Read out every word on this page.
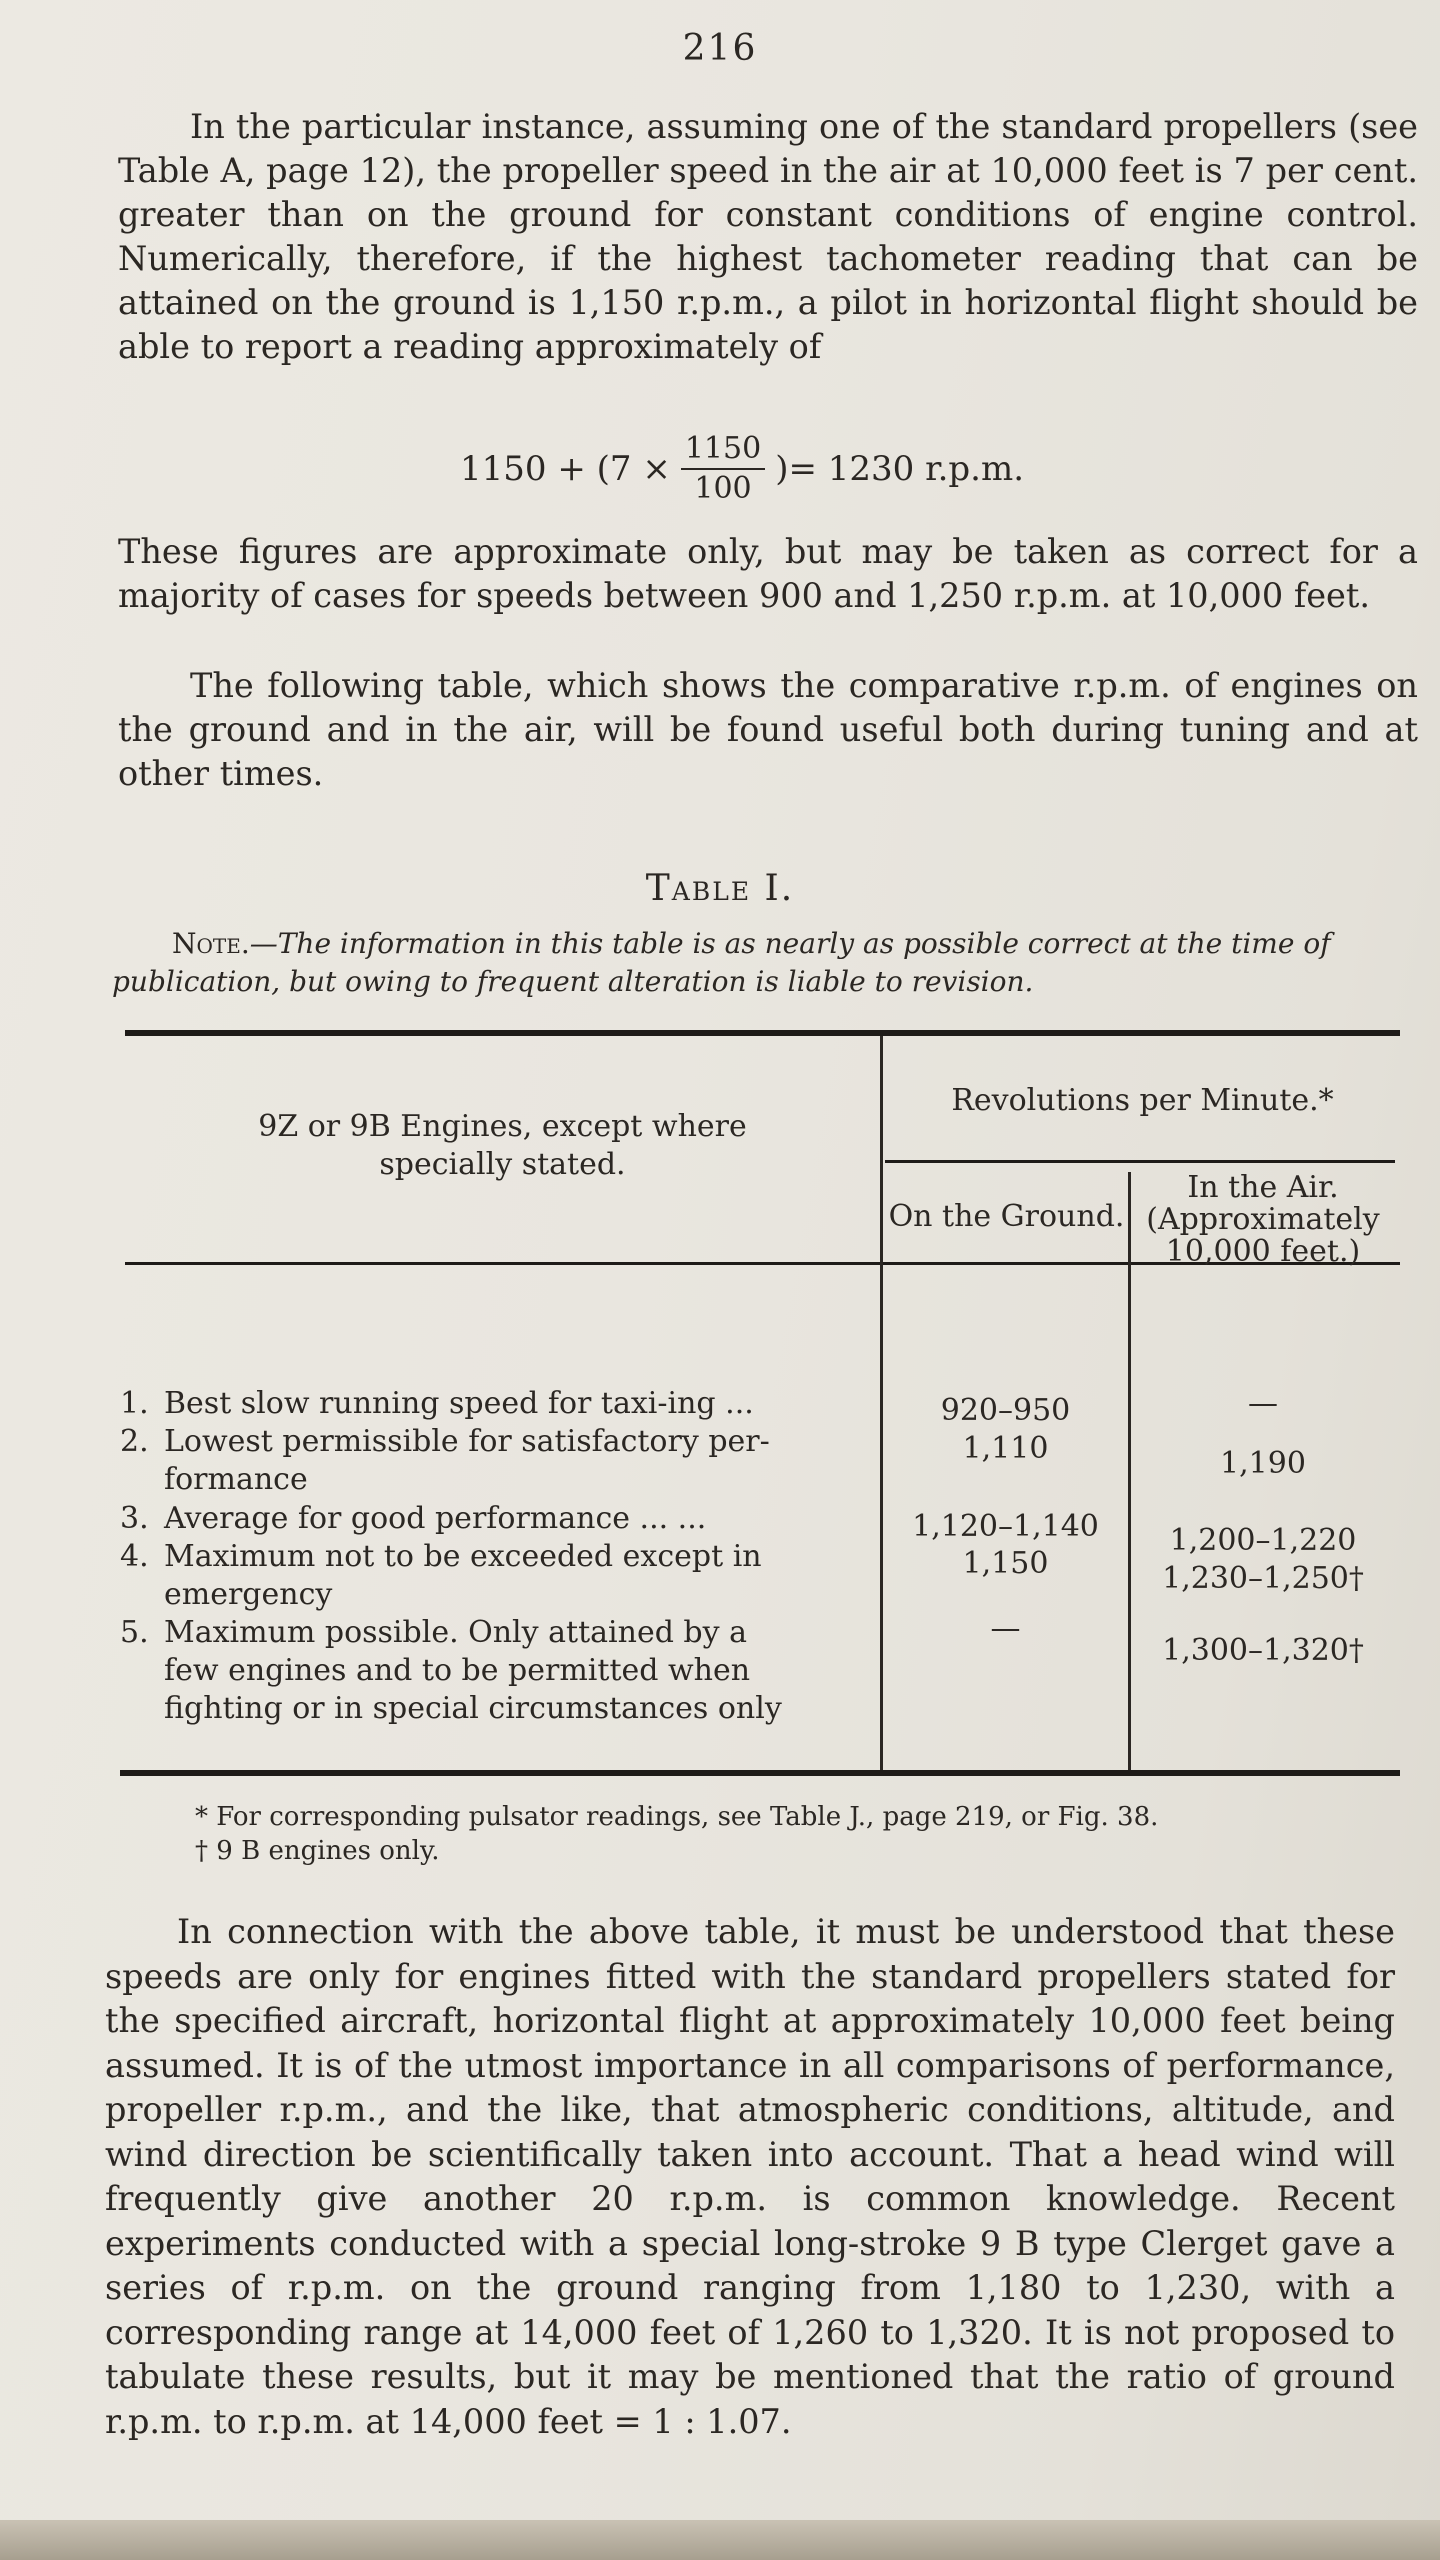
216

In the particular instance, assuming one of the standard propellers (see Table A, page 12), the propeller speed in the air at 10,000 feet is 7 per cent. greater than on the ground for constant conditions of engine control. Numerically, therefore, if the highest tachometer reading that can be attained on the ground is 1,150 r.p.m., a pilot in horizontal flight should be able to report a reading approximately of

$1150 + (7 \times \frac{1150}{100}$ )= 1230 r.p.m.

These figures are approximate only, but may be taken as correct for a majority of cases for speeds between 900 and 1,250 r.p.m. at 10,000 feet.

The following table, which shows the comparative r.p.m. of engines on the ground and in the air, will be found useful both during tuning and at other times.

Table I.
Note.—The information in this table is as nearly as possible correct at the time of publication, but owing to frequent alteration is liable to revision.
9Z or 9B Engines, except where
specially stated.
Revolutions per Minute.*
On the Ground.
In the Air.
(Approximately
10,000 feet.)
1. Best slow running speed for taxi-ing ...
2. Lowest permissible for satisfactory per-
formance
3. Average for good performance ... ...
4. Maximum not to be exceeded except in
emergency
5. Maximum possible. Only attained by a
few engines and to be permitted when
fighting or in special circumstances only
920–950
1,110
1,120–1,140
1,150
—
—
1,190
1,200–1,220
1,230–1,250†
1,300–1,320†
* For corresponding pulsator readings, see Table J., page 219, or Fig. 38.
† 9 B engines only.

In connection with the above table, it must be understood that these speeds are only for engines fitted with the standard propellers stated for the specified aircraft, horizontal flight at approximately 10,000 feet being assumed. It is of the utmost importance in all comparisons of performance, propeller r.p.m., and the like, that atmospheric conditions, altitude, and wind direction be scientifically taken into account. That a head wind will frequently give another 20 r.p.m. is common knowledge. Recent experiments conducted with a special long-stroke 9 B type Clerget gave a series of r.p.m. on the ground ranging from 1,180 to 1,230, with a corresponding range at 14,000 feet of 1,260 to 1,320. It is not proposed to tabulate these results, but it may be mentioned that the ratio of ground r.p.m. to r.p.m. at 14,000 feet = 1 : 1.07.
